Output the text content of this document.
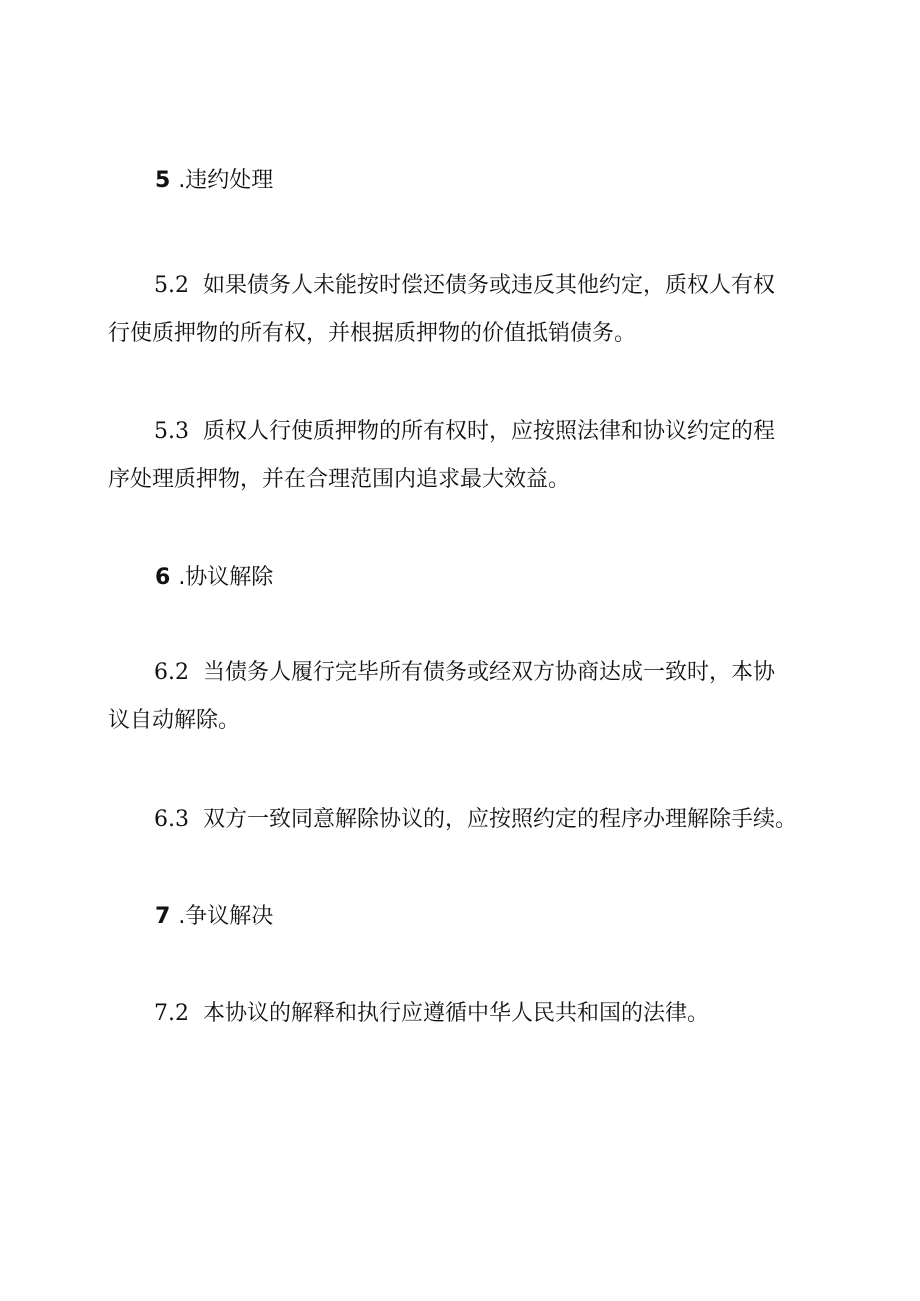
5 .违约处理
5.2 如果债务人未能按时偿还债务或违反其他约定，质权人有权
行使质押物的所有权，并根据质押物的价值抵销债务。
5.3 质权人行使质押物的所有权时，应按照法律和协议约定的程
序处理质押物，并在合理范围内追求最大效益。
6 .协议解除
6.2 当债务人履行完毕所有债务或经双方协商达成一致时，本协
议自动解除。
6.3 双方一致同意解除协议的，应按照约定的程序办理解除手续。
7 .争议解决
7.2 本协议的解释和执行应遵循中华人民共和国的法律。
